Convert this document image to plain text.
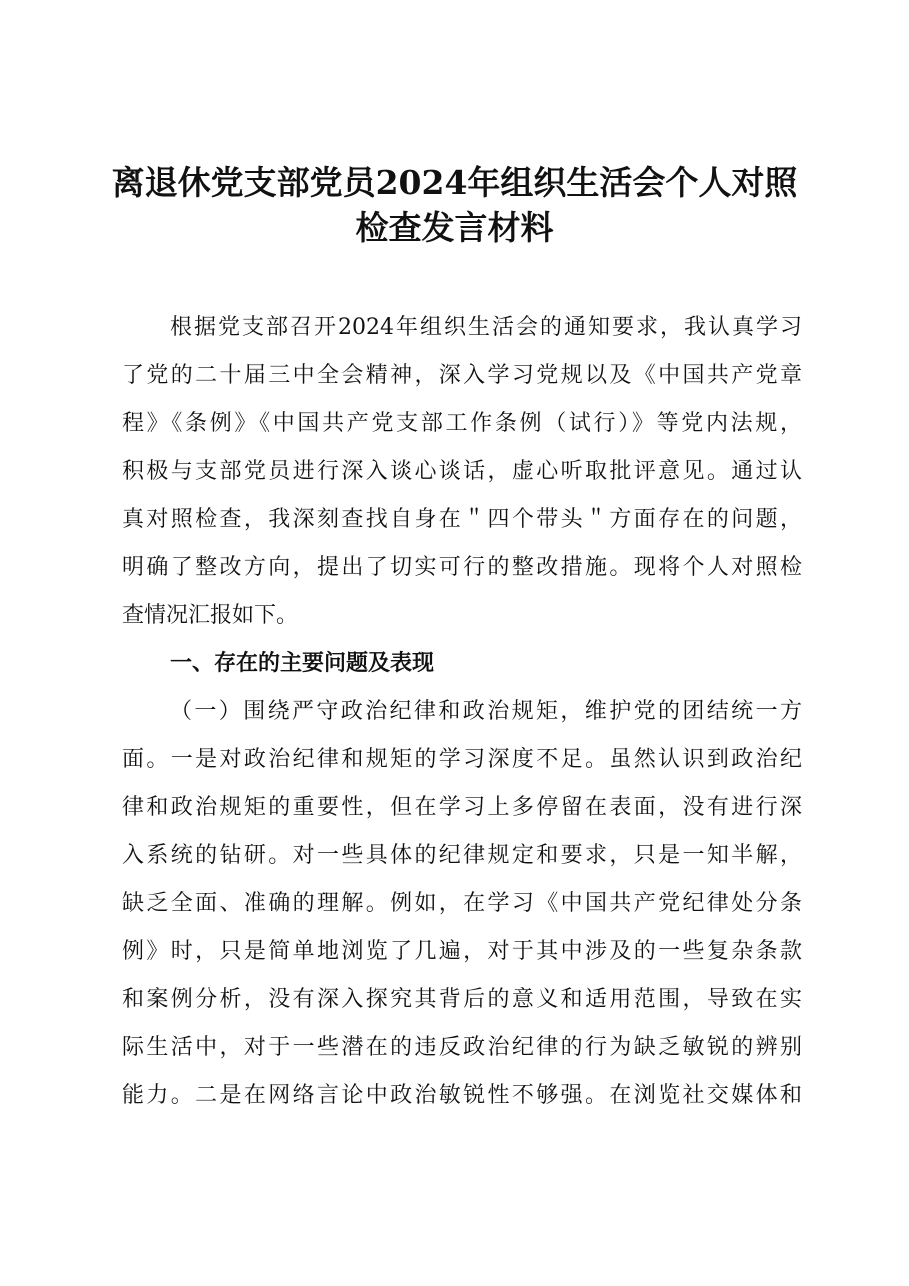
离退休党支部党员2024年组织生活会个人对照
检查发言材料
根据党支部召开2024年组织生活会的通知要求，我认真学习
了党的二十届三中全会精神，深入学习党规以及《中国共产党章
程》《条例》《中国共产党支部工作条例（试行）》等党内法规，
积极与支部党员进行深入谈心谈话，虚心听取批评意见。通过认
真对照检查，我深刻查找自身在＂四个带头＂方面存在的问题，
明确了整改方向，提出了切实可行的整改措施。现将个人对照检
查情况汇报如下。
一、存在的主要问题及表现
（一）围绕严守政治纪律和政治规矩，维护党的团结统一方
面。一是对政治纪律和规矩的学习深度不足。虽然认识到政治纪
律和政治规矩的重要性，但在学习上多停留在表面，没有进行深
入系统的钻研。对一些具体的纪律规定和要求，只是一知半解，
缺乏全面、准确的理解。例如，在学习《中国共产党纪律处分条
例》时，只是简单地浏览了几遍，对于其中涉及的一些复杂条款
和案例分析，没有深入探究其背后的意义和适用范围，导致在实
际生活中，对于一些潜在的违反政治纪律的行为缺乏敏锐的辨别
能力。二是在网络言论中政治敏锐性不够强。在浏览社交媒体和
